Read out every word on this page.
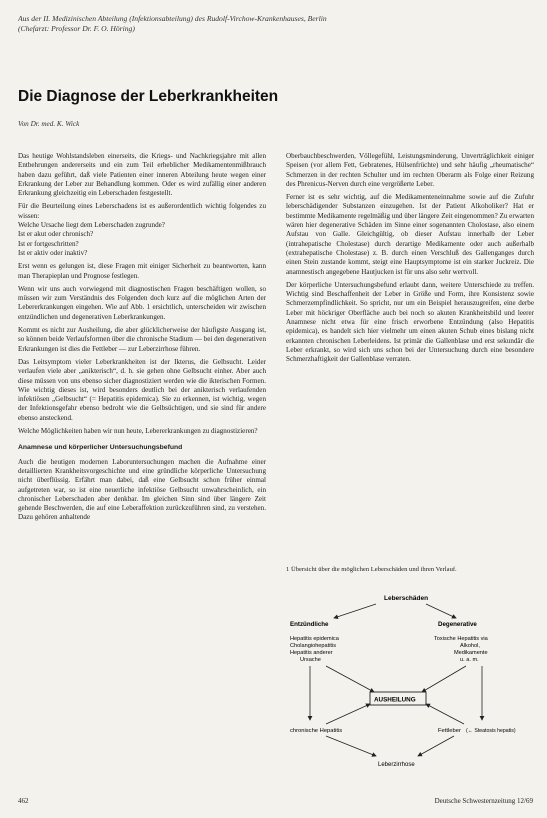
Aus der II. Medizinischen Abteilung (Infektionsabteilung) des Rudolf-Virchow-Krankenhauses, Berlin
(Chefarzt: Professor Dr. F. O. Höring)
Die Diagnose der Leberkrankheiten
Von Dr. med. K. Wick

Das heutige Wohlstandsleben einerseits, die Kriegs- und Nachkriegsjahre mit allen Entbehrungen andererseits und ein zum Teil erheblicher Medikamentenmißbrauch haben dazu geführt, daß viele Patienten einer inneren Abteilung heute wegen einer Erkrankung der Leber zur Behandlung kommen. Oder es wird zufällig einer anderen Erkrankung gleichzeitig ein Leberschaden festgestellt.

Für die Beurteilung eines Leberschadens ist es außerordentlich wichtig folgendes zu wissen:

Welche Ursache liegt dem Leberschaden zugrunde?

Ist er akut oder chronisch?

Ist er fortgeschritten?

Ist er aktiv oder inaktiv?

Erst wenn es gelungen ist, diese Fragen mit einiger Sicherheit zu beantworten, kann man Therapieplan und Prognose festlegen.

Wenn wir uns auch vorwiegend mit diagnostischen Fragen beschäftigen wollen, so müssen wir zum Verständnis des Folgenden doch kurz auf die möglichen Arten der Lebererkrankungen eingehen. Wie auf Abb. 1 ersichtlich, unterscheiden wir zwischen entzündlichen und degenerativen Leberkrankungen.

Kommt es nicht zur Ausheilung, die aber glücklicherweise der häufigste Ausgang ist, so können beide Verlaufsformen über die chronische Stadium — bei den degenerativen Erkrankungen ist dies die Fettleber — zur Leberzirrhose führen.

Das Leitsymptom vieler Leberkrankheiten ist der Ikterus, die Gelbsucht. Leider verlaufen viele aber „anikterisch“, d. h. sie gehen ohne Gelbsucht einher. Aber auch diese müssen von uns ebenso sicher diagnostiziert werden wie die ikterischen Formen. Wie wichtig dieses ist, wird besonders deutlich bei der anikterisch verlaufenden infektiösen „Gelbsucht“ (= Hepatitis epidemica). Sie zu erkennen, ist wichtig, wegen der Infektionsgefahr ebenso bedroht wie die Gelbsüchtigen, und sie sind für andere ebenso ansteckend.

Welche Möglichkeiten haben wir nun heute, Lebererkrankungen zu diagnostizieren?

Anamnese und körperlicher Untersuchungsbefund

Auch die heutigen modernen Laboruntersuchungen machen die Aufnahme einer detaillierten Krankheitsvorgeschichte und eine gründliche körperliche Untersuchung nicht überflüssig. Erfährt man dabei, daß eine Gelbsucht schon früher einmal aufgetreten war, so ist eine neuerliche infektiöse Gelbsucht unwahrscheinlich, ein chronischer Leberschaden aber denkbar. Im gleichen Sinn sind über längere Zeit gehende Beschwerden, die auf eine Leberaffektion zurückzuführen sind, zu verstehen. Dazu gehören anhaltende

Oberbauchbeschwerden, Völlegefühl, Leistungsminderung, Unverträglichkeit einiger Speisen (vor allem Fett, Gebratenes, Hülsenfrüchte) und sehr häufig „rheumatische“ Schmerzen in der rechten Schulter und im rechten Oberarm als Folge einer Reizung des Phrenicus-Nerven durch eine vergrößerte Leber.

Ferner ist es sehr wichtig, auf die Medikamenteneinnahme sowie auf die Zufuhr leberschädigender Substanzen einzugehen. Ist der Patient Alkoholiker? Hat er bestimmte Medikamente regelmäßig und über längere Zeit eingenommen? Zu erwarten wären hier degenerative Schäden im Sinne einer sogenannten Cholostase, also einem Aufstau von Galle. Gleichgültig, ob dieser Aufstau innerhalb der Leber (intrahepatische Cholestase) durch derartige Medikamente oder auch außerhalb (extrahepatische Cholestase) z. B. durch einen Verschluß des Gallenganges durch einen Stein zustande kommt, steigt eine Hauptsymptome ist ein starker Juckreiz. Die anamnestisch angegebene Hautjucken ist für uns also sehr wertvoll.

Der körperliche Untersuchungsbefund erlaubt dann, weitere Unterschiede zu treffen. Wichtig sind Beschaffenheit der Leber in Größe und Form, ihre Konsistenz sowie Schmerzempfindlichkeit. So spricht, nur um ein Beispiel herauszugreifen, eine derbe Leber mit höckriger Oberfläche auch bei noch so akuten Krankheitsbild und leerer Anamnese nicht etwa für eine frisch erworbene Entzündung (also Hepatitis epidemica), es handelt sich hier vielmehr um einen akuten Schub eines bislang nicht erkannten chronischen Leberleidens. Ist primär die Gallenblase und erst sekundär die Leber erkrankt, so wird sich uns schon bei der Untersuchung durch eine besondere Schmerzhaftigkeit der Gallenblase verraten.

1 Übersicht über die möglichen Leberschäden und ihren Verlauf.
Leberschäden
Entzündliche	Degenerative
Hepatitis epidemica
Cholangiohepatitis
Hepatitis anderer
Ursache
Toxische Hepatitis via
Alkohol,
Medikamente
u. a. m.
AUSHEILUNG
chronische Hepatitis	Fettleber (← Steatosis hepatis)
Leberzirrhose
462	Deutsche Schwesternzeitung 12/69
